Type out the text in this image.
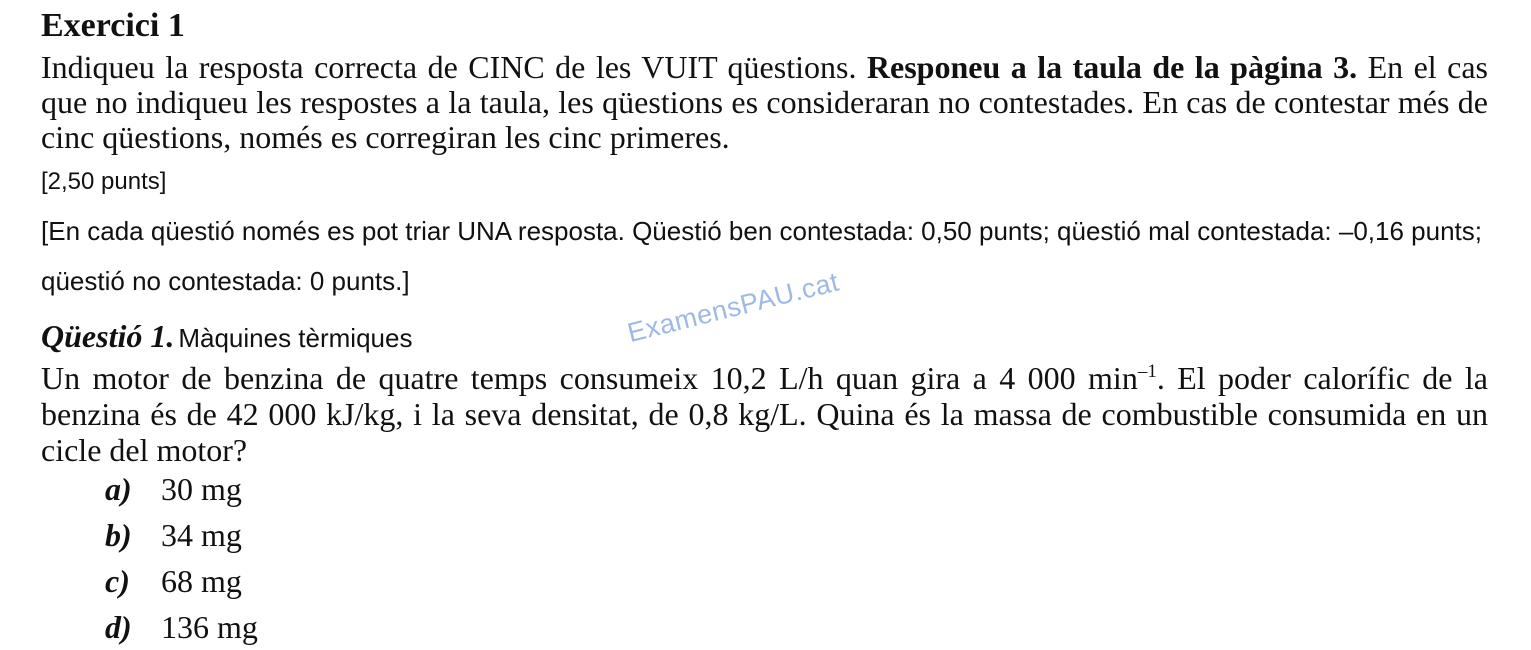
Exercici 1
Indiqueu la resposta correcta de CINC de les VUIT qüestions. Responeu a la taula de la pàgina 3. En el cas que no indiqueu les respostes a la taula, les qüestions es consideraran no contestades. En cas de contestar més de cinc qüestions, només es corregiran les cinc primeres.
[2,50 punts]
[En cada qüestió només es pot triar UNA resposta. Qüestió ben contestada: 0,50 punts; qüestió mal contestada: –0,16 punts; qüestió no contestada: 0 punts.]
Qüestió 1. Màquines tèrmiques
Un motor de benzina de quatre temps consumeix 10,2 L/h quan gira a 4 000 $\min^{-1}$. El poder calorífic de la benzina és de 42 000 kJ/kg, i la seva densitat, de 0,8 kg/L. Quina és la massa de combustible consumida en un cicle del motor?
a) 30 mg
b) 34 mg
c) 68 mg
d) 136 mg
ExamensPAU.cat
